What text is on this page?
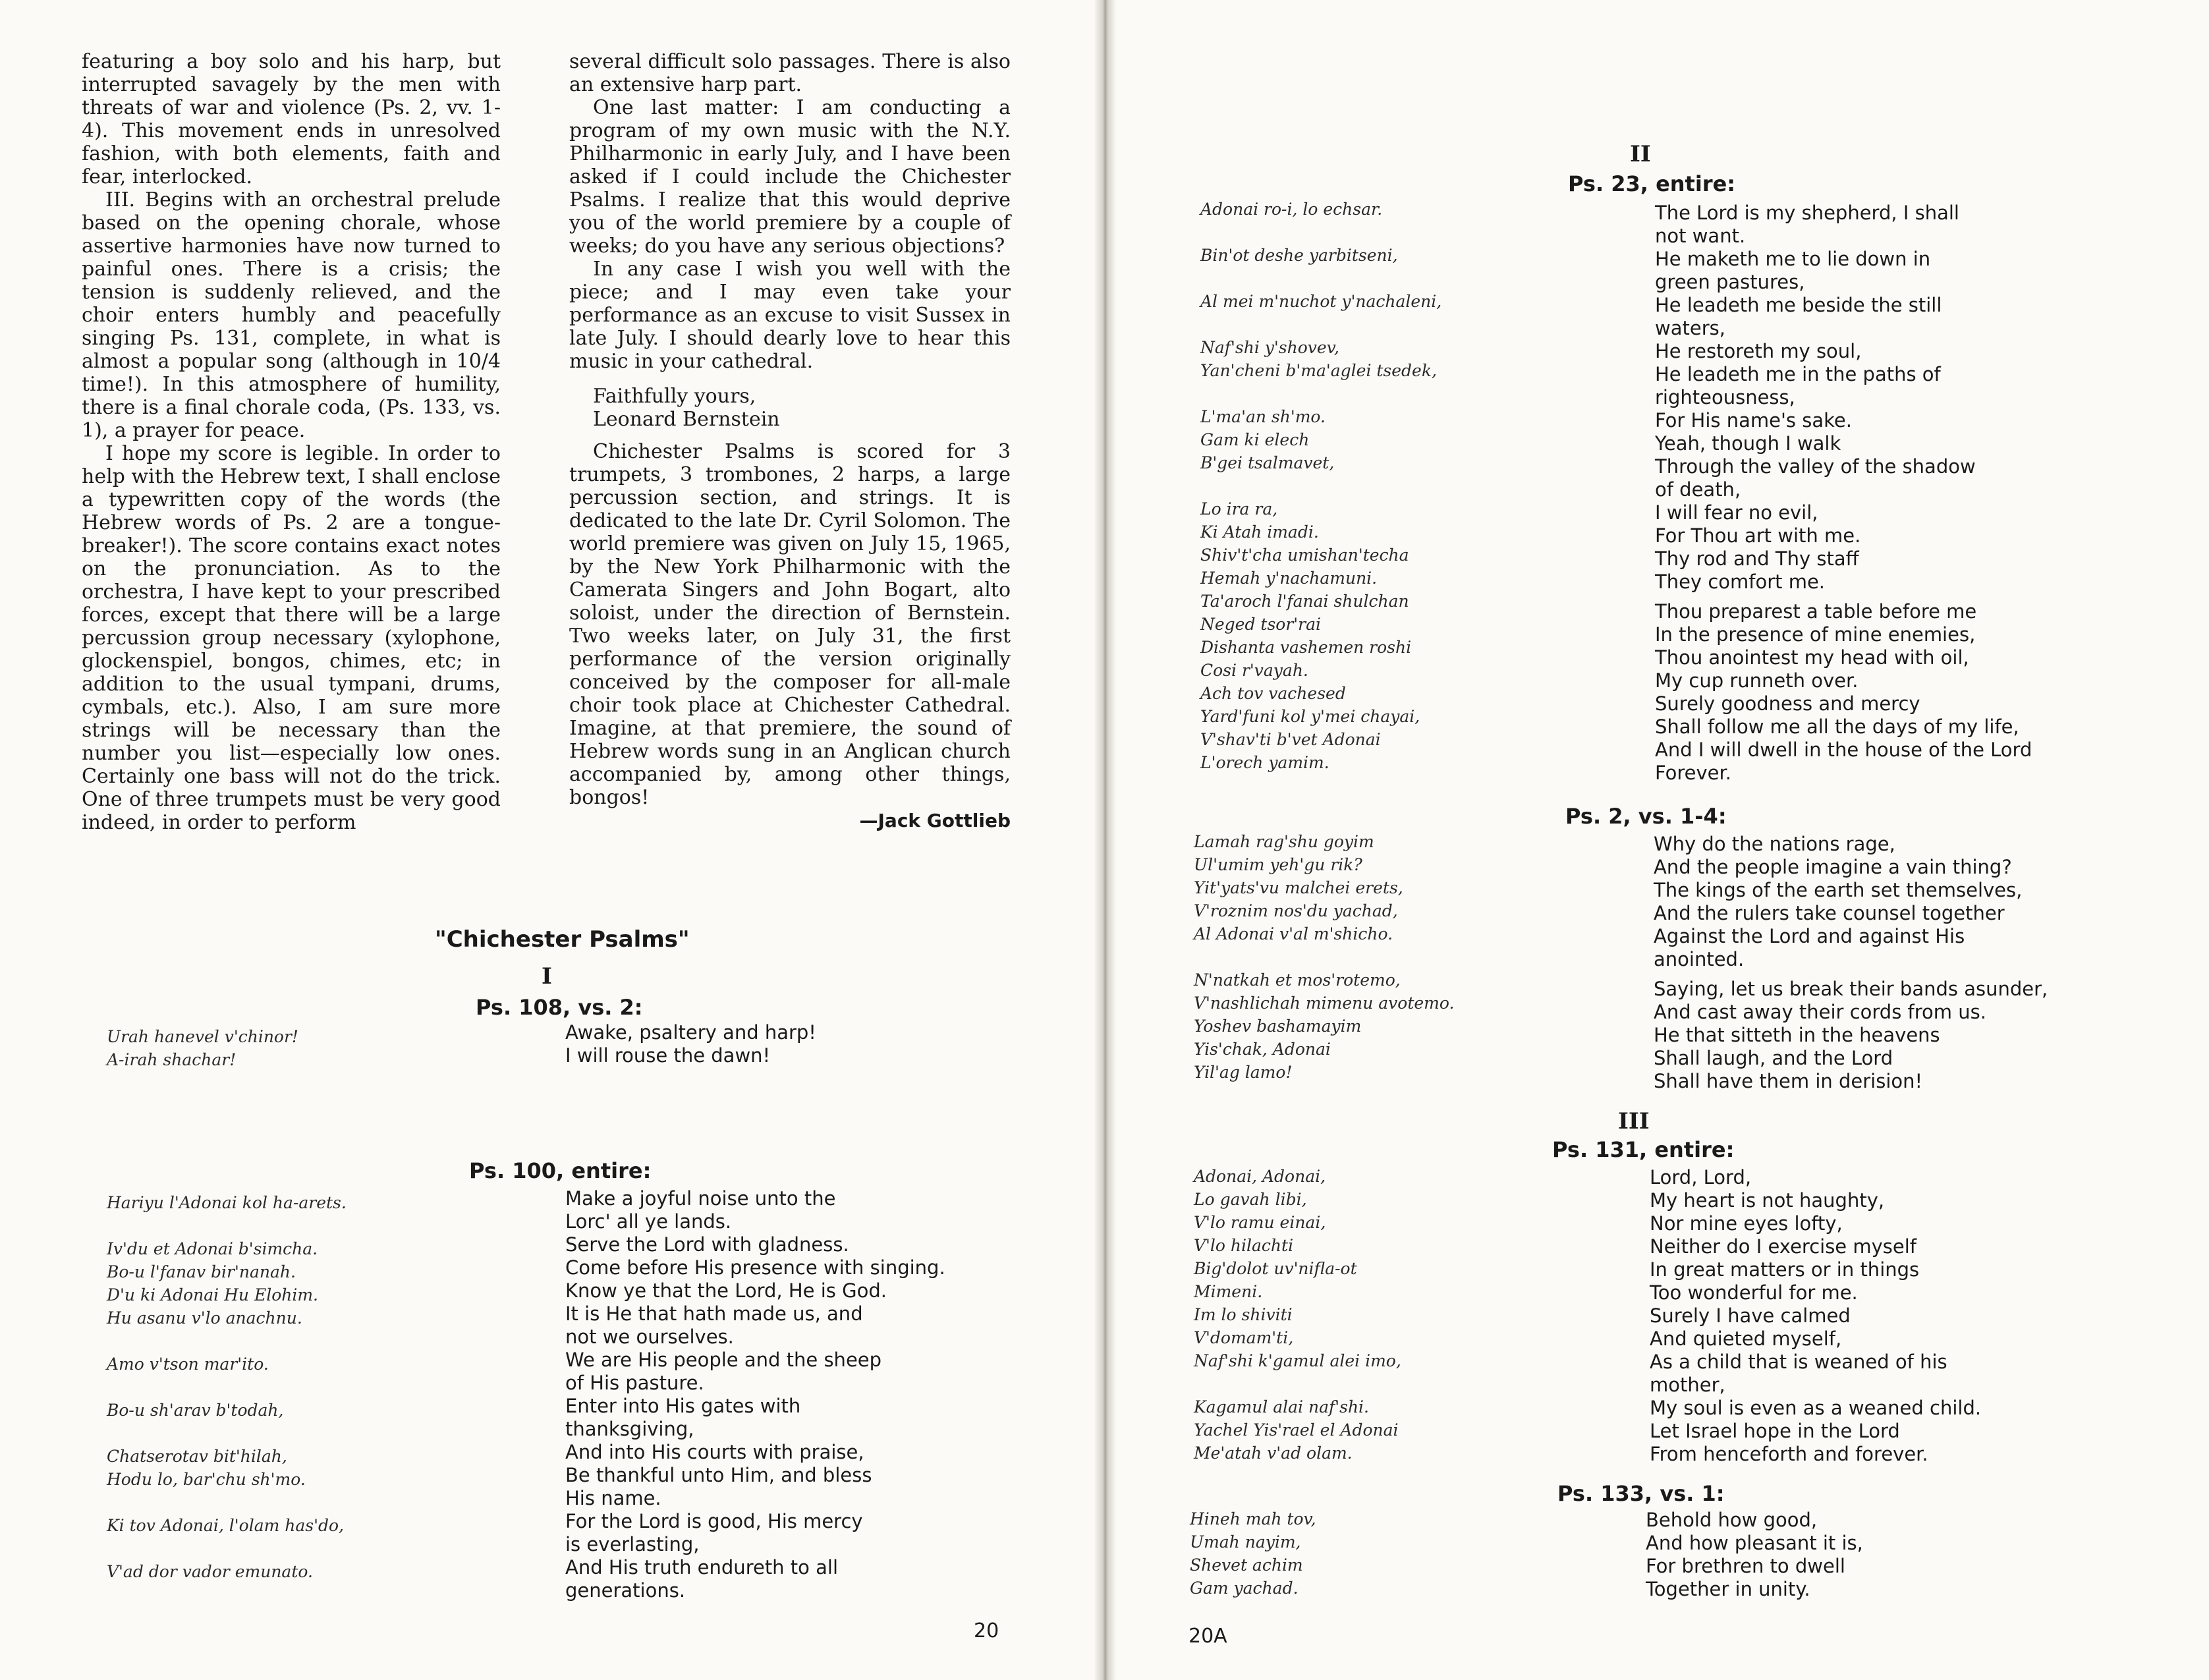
featuring a boy solo and his harp, but interrupted savagely by the men with threats of war and violence (Ps. 2, vv. 1-4). This movement ends in unresolved fashion, with both elements, faith and fear, interlocked.

III. Begins with an orchestral prelude based on the opening chorale, whose assertive harmonies have now turned to painful ones. There is a crisis; the tension is suddenly relieved, and the choir enters humbly and peacefully singing Ps. 131, complete, in what is almost a popular song (although in 10/4 time!). In this atmosphere of humility, there is a final chorale coda, (Ps. 133, vs. 1), a prayer for peace.

I hope my score is legible. In order to help with the Hebrew text, I shall enclose a typewritten copy of the words (the Hebrew words of Ps. 2 are a tongue-breaker!). The score contains exact notes on the pronunciation. As to the orchestra, I have kept to your prescribed forces, except that there will be a large percussion group necessary (xylophone, glockenspiel, bongos, chimes, etc; in addition to the usual tympani, drums, cymbals, etc.). Also, I am sure more strings will be necessary than the number you list—especially low ones. Certainly one bass will not do the trick. One of three trumpets must be very good indeed, in order to perform

several difficult solo passages. There is also an extensive harp part.

One last matter: I am conducting a program of my own music with the N.Y. Philharmonic in early July, and I have been asked if I could include the Chichester Psalms. I realize that this would deprive you of the world premiere by a couple of weeks; do you have any serious objections?

In any case I wish you well with the piece; and I may even take your performance as an excuse to visit Sussex in late July. I should dearly love to hear this music in your cathedral.

Faithfully yours,

Leonard Bernstein

Chichester Psalms is scored for 3 trumpets, 3 trombones, 2 harps, a large percussion section, and strings. It is dedicated to the late Dr. Cyril Solomon. The world premiere was given on July 15, 1965, by the New York Philharmonic with the Camerata Singers and John Bogart, alto soloist, under the direction of Bernstein. Two weeks later, on July 31, the first performance of the version originally conceived by the composer for all-male choir took place at Chichester Cathedral. Imagine, at that premiere, the sound of Hebrew words sung in an Anglican church accompanied by, among other things, bongos!

—Jack Gottlieb

"Chichester Psalms"
I
Ps. 108, vs. 2:
Urah hanevel v'chinor!
A-irah shachar!
Awake, psaltery and harp!
I will rouse the dawn!
Ps. 100, entire:
Hariyu l'Adonai kol ha-arets.
Iv'du et Adonai b'simcha.
Bo-u l'fanav bir'nanah.
D'u ki Adonai Hu Elohim.
Hu asanu v'lo anachnu.
Amo v'tson mar'ito.
Bo-u sh'arav b'todah,
Chatserotav bit'hilah,
Hodu lo, bar'chu sh'mo.
Ki tov Adonai, l'olam has'do,
V'ad dor vador emunato.
Make a joyful noise unto the
Lorc' all ye lands.
Serve the Lord with gladness.
Come before His presence with singing.
Know ye that the Lord, He is God.
It is He that hath made us, and
not we ourselves.
We are His people and the sheep
of His pasture.
Enter into His gates with
thanksgiving,
And into His courts with praise,
Be thankful unto Him, and bless
His name.
For the Lord is good, His mercy
is everlasting,
And His truth endureth to all
generations.
20
II
Ps. 23, entire:
Adonai ro-i, lo echsar.
Bin'ot deshe yarbitseni,
Al mei m'nuchot y'nachaleni,
Naf'shi y'shovev,
Yan'cheni b'ma'aglei tsedek,
L'ma'an sh'mo.
Gam ki elech
B'gei tsalmavet,
Lo ira ra,
Ki Atah imadi.
Shiv't'cha umishan'techa
Hemah y'nachamuni.
Ta'aroch l'fanai shulchan
Neged tsor'rai
Dishanta vashemen roshi
Cosi r'vayah.
Ach tov vachesed
Yard'funi kol y'mei chayai,
V'shav'ti b'vet Adonai
L'orech yamim.
The Lord is my shepherd, I shall
not want.
He maketh me to lie down in
green pastures,
He leadeth me beside the still
waters,
He restoreth my soul,
He leadeth me in the paths of
righteousness,
For His name's sake.
Yeah, though I walk
Through the valley of the shadow
of death,
I will fear no evil,
For Thou art with me.
Thy rod and Thy staff
They comfort me.
Thou preparest a table before me
In the presence of mine enemies,
Thou anointest my head with oil,
My cup runneth over.
Surely goodness and mercy
Shall follow me all the days of my life,
And I will dwell in the house of the Lord
Forever.
Ps. 2, vs. 1-4:
Lamah rag'shu goyim
Ul'umim yeh'gu rik?
Yit'yats'vu malchei erets,
V'roznim nos'du yachad,
Al Adonai v'al m'shicho.
N'natkah et mos'rotemo,
V'nashlichah mimenu avotemo.
Yoshev bashamayim
Yis'chak, Adonai
Yil'ag lamo!
Why do the nations rage,
And the people imagine a vain thing?
The kings of the earth set themselves,
And the rulers take counsel together
Against the Lord and against His
anointed.
Saying, let us break their bands asunder,
And cast away their cords from us.
He that sitteth in the heavens
Shall laugh, and the Lord
Shall have them in derision!
III
Ps. 131, entire:
Adonai, Adonai,
Lo gavah libi,
V'lo ramu einai,
V'lo hilachti
Big'dolot uv'nifla-ot
Mimeni.
Im lo shiviti
V'domam'ti,
Naf'shi k'gamul alei imo,
Kagamul alai naf'shi.
Yachel Yis'rael el Adonai
Me'atah v'ad olam.
Lord, Lord,
My heart is not haughty,
Nor mine eyes lofty,
Neither do I exercise myself
In great matters or in things
Too wonderful for me.
Surely I have calmed
And quieted myself,
As a child that is weaned of his
mother,
My soul is even as a weaned child.
Let Israel hope in the Lord
From henceforth and forever.
Ps. 133, vs. 1:
Hineh mah tov,
Umah nayim,
Shevet achim
Gam yachad.
Behold how good,
And how pleasant it is,
For brethren to dwell
Together in unity.
20A
